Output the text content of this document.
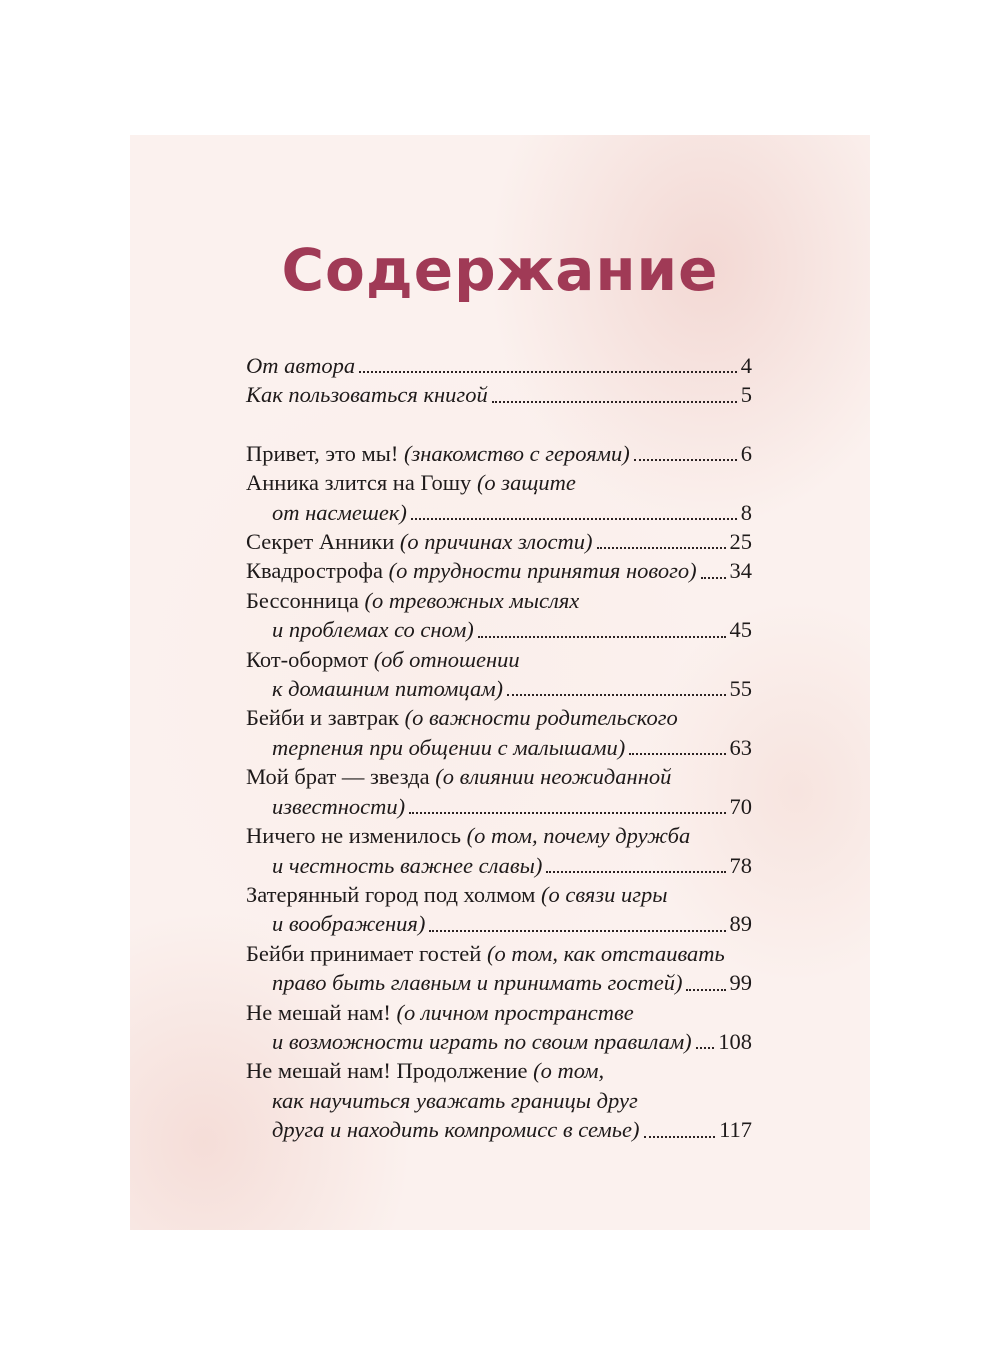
Содержание
От автора	4
Как пользоваться книгой	5
Привет, это мы! (знакомство с героями)	6
Анника злится на Гошу (о защите
от насмешек)	8
Секрет Анники (о причинах злости)	25
Квадрострофа (о трудности принятия нового) 34
Бессонница (о тревожных мыслях
и проблемах со сном)	45
Кот-обормот (об отношении
к домашним питомцам)	55
Бейби и завтрак (о важности родительского
терпения при общении с малышами)	63
Мой брат — звезда (о влиянии неожиданной
известности)	70
Ничего не изменилось (о том, почему дружба
и честность важнее славы)	78
Затерянный город под холмом (о связи игры
и воображения)	89
Бейби принимает гостей (о том, как отстаивать
право быть главным и принимать гостей) 99
Не мешай нам! (о личном пространстве
и возможности играть по своим правилам) 108
Не мешай нам! Продолжение (о том,
как научиться уважать границы друг
друга и находить компромисс в семье)	117
